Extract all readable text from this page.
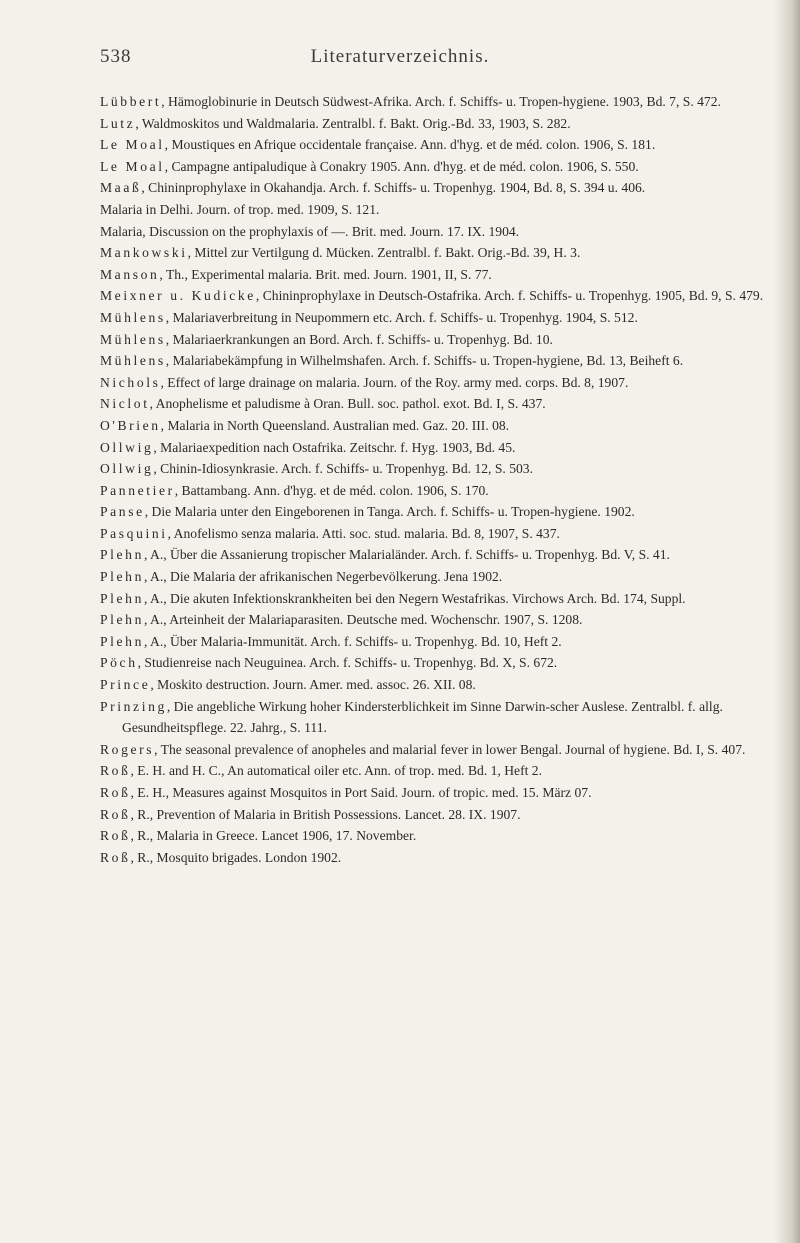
538	Literaturverzeichnis.

Lübbert, Hämoglobinurie in Deutsch Südwest-Afrika. Arch. f. Schiffs- u. Tropen-hygiene. 1903, Bd. 7, S. 472.

Lutz, Waldmoskitos und Waldmalaria. Zentralbl. f. Bakt. Orig.-Bd. 33, 1903, S. 282.

Le Moal, Moustiques en Afrique occidentale française. Ann. d'hyg. et de méd. colon. 1906, S. 181.

Le Moal, Campagne antipaludique à Conakry 1905. Ann. d'hyg. et de méd. colon. 1906, S. 550.

Maaß, Chininprophylaxe in Okahandja. Arch. f. Schiffs- u. Tropenhyg. 1904, Bd. 8, S. 394 u. 406.

Malaria in Delhi. Journ. of trop. med. 1909, S. 121.

Malaria, Discussion on the prophylaxis of —. Brit. med. Journ. 17. IX. 1904.

Mankowski, Mittel zur Vertilgung d. Mücken. Zentralbl. f. Bakt. Orig.-Bd. 39, H. 3.

Manson, Th., Experimental malaria. Brit. med. Journ. 1901, II, S. 77.

Meixner u. Kudicke, Chininprophylaxe in Deutsch-Ostafrika. Arch. f. Schiffs- u. Tropenhyg. 1905, Bd. 9, S. 479.

Mühlens, Malariaverbreitung in Neupommern etc. Arch. f. Schiffs- u. Tropenhyg. 1904, S. 512.

Mühlens, Malariaerkrankungen an Bord. Arch. f. Schiffs- u. Tropenhyg. Bd. 10.

Mühlens, Malariabekämpfung in Wilhelmshafen. Arch. f. Schiffs- u. Tropen-hygiene, Bd. 13, Beiheft 6.

Nichols, Effect of large drainage on malaria. Journ. of the Roy. army med. corps. Bd. 8, 1907.

Niclot, Anophelisme et paludisme à Oran. Bull. soc. pathol. exot. Bd. I, S. 437.

O'Brien, Malaria in North Queensland. Australian med. Gaz. 20. III. 08.

Ollwig, Malariaexpedition nach Ostafrika. Zeitschr. f. Hyg. 1903, Bd. 45.

Ollwig, Chinin-Idiosynkrasie. Arch. f. Schiffs- u. Tropenhyg. Bd. 12, S. 503.

Pannetier, Battambang. Ann. d'hyg. et de méd. colon. 1906, S. 170.

Panse, Die Malaria unter den Eingeborenen in Tanga. Arch. f. Schiffs- u. Tropen-hygiene. 1902.

Pasquini, Anofelismo senza malaria. Atti. soc. stud. malaria. Bd. 8, 1907, S. 437.

Plehn, A., Über die Assanierung tropischer Malarialänder. Arch. f. Schiffs- u. Tropenhyg. Bd. V, S. 41.

Plehn, A., Die Malaria der afrikanischen Negerbevölkerung. Jena 1902.

Plehn, A., Die akuten Infektionskrankheiten bei den Negern Westafrikas. Virchows Arch. Bd. 174, Suppl.

Plehn, A., Arteinheit der Malariaparasiten. Deutsche med. Wochenschr. 1907, S. 1208.

Plehn, A., Über Malaria-Immunität. Arch. f. Schiffs- u. Tropenhyg. Bd. 10, Heft 2.

Pöch, Studienreise nach Neuguinea. Arch. f. Schiffs- u. Tropenhyg. Bd. X, S. 672.

Prince, Moskito destruction. Journ. Amer. med. assoc. 26. XII. 08.

Prinzing, Die angebliche Wirkung hoher Kindersterblichkeit im Sinne Darwin-scher Auslese. Zentralbl. f. allg. Gesundheitspflege. 22. Jahrg., S. 111.

Rogers, The seasonal prevalence of anopheles and malarial fever in lower Bengal. Journal of hygiene. Bd. I, S. 407.

Roß, E. H. and H. C., An automatical oiler etc. Ann. of trop. med. Bd. 1, Heft 2.

Roß, E. H., Measures against Mosquitos in Port Said. Journ. of tropic. med. 15. März 07.

Roß, R., Prevention of Malaria in British Possessions. Lancet. 28. IX. 1907.

Roß, R., Malaria in Greece. Lancet 1906, 17. November.

Roß, R., Mosquito brigades. London 1902.
